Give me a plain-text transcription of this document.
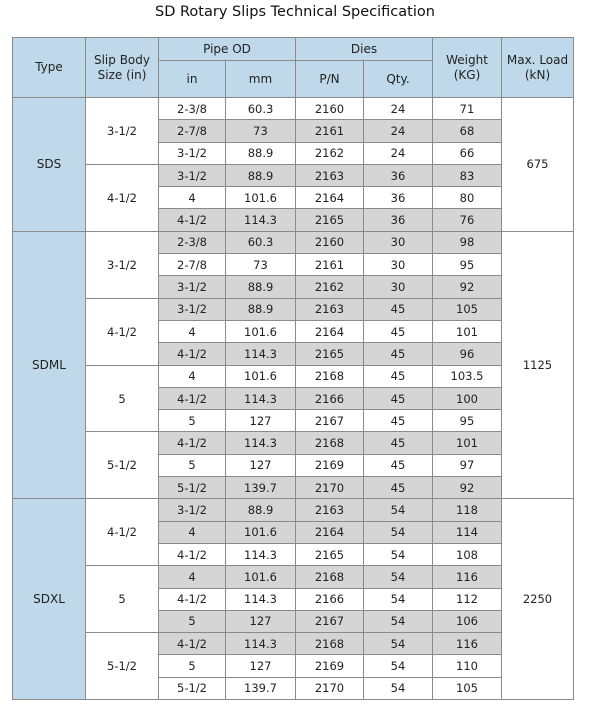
SD Rotary Slips Technical Specification
Type	Slip Body Size (in)	Pipe OD		Dies		Weight (KG)	Max. Load (kN)
		in	mm	P/N	Qty.		
SDS	3-1/2	2-3/8	60.3	2160	24	71	675
		2-7/8	73	2161	24	68	
		3-1/2	88.9	2162	24	66	
	4-1/2	3-1/2	88.9	2163	36	83	
		4	101.6	2164	36	80	
		4-1/2	114.3	2165	36	76	
SDML	3-1/2	2-3/8	60.3	2160	30	98	1125
		2-7/8	73	2161	30	95	
		3-1/2	88.9	2162	30	92	
	4-1/2	3-1/2	88.9	2163	45	105	
		4	101.6	2164	45	101	
		4-1/2	114.3	2165	45	96	
	5	4	101.6	2168	45	103.5	
		4-1/2	114.3	2166	45	100	
		5	127	2167	45	95	
	5-1/2	4-1/2	114.3	2168	45	101	
		5	127	2169	45	97	
		5-1/2	139.7	2170	45	92	
SDXL	4-1/2	3-1/2	88.9	2163	54	118	2250
		4	101.6	2164	54	114	
		4-1/2	114.3	2165	54	108	
	5	4	101.6	2168	54	116	
		4-1/2	114.3	2166	54	112	
		5	127	2167	54	106	
	5-1/2	4-1/2	114.3	2168	54	116	
		5	127	2169	54	110	
		5-1/2	139.7	2170	54	105	
